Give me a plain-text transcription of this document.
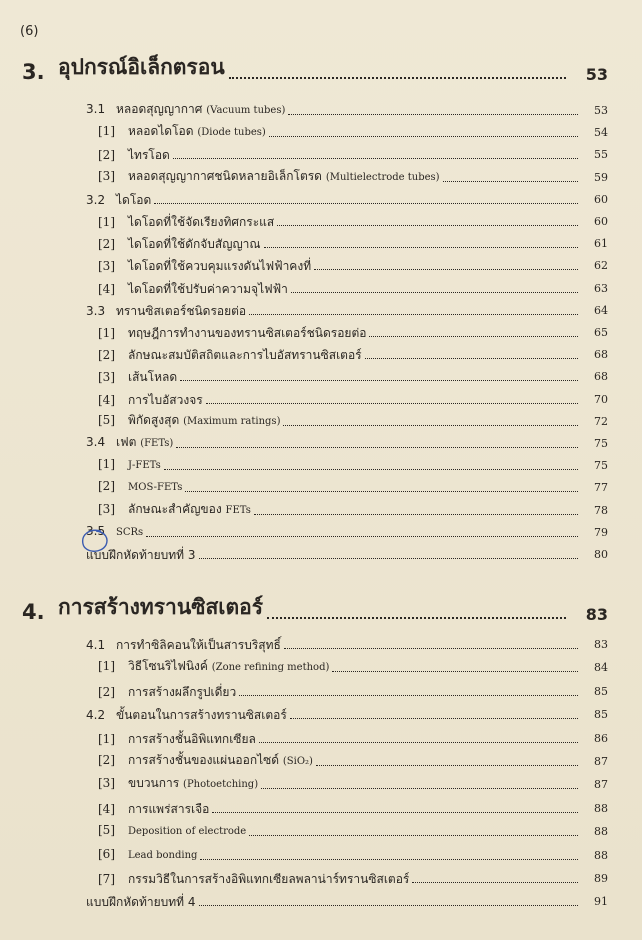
(6)
3. อุปกรณ์อิเล็กตรอน	53
3.1 หลอดสุญญากาศ (Vacuum tubes)	53
[1] หลอดไดโอด (Diode tubes)	54
[2] ไทรโอด	55
[3] หลอดสุญญากาศชนิดหลายอิเล็กโตรด (Multielectrode tubes)	59
3.2 ไดโอด	60
[1] ไดโอดที่ใช้จัดเรียงทิศกระแส	60
[2] ไดโอดที่ใช้ดักจับสัญญาณ	61
[3] ไดโอดที่ใช้ควบคุมแรงดันไฟฟ้าคงที่	62
[4] ไดโอดที่ใช้ปรับค่าความจุไฟฟ้า	63
3.3 ทรานซิสเตอร์ชนิดรอยต่อ	64
[1] ทฤษฎีการทำงานของทรานซิสเตอร์ชนิดรอยต่อ	65
[2] ลักษณะสมบัติสถิตและการไบอัสทรานซิสเตอร์	68
[3] เส้นโหลด	68
[4] การไบอัสวงจร	70
[5] พิกัดสูงสุด (Maximum ratings)	72
3.4 เฟต (FETs)	75
[1] J-FETs	75
[2] MOS-FETs	77
[3] ลักษณะสำคัญของ FETs	78
3.5 SCRs	79
แบบฝึกหัดท้ายบทที่ 3	80
4. การสร้างทรานซิสเตอร์	83
4.1 การทำซิลิคอนให้เป็นสารบริสุทธิ์	83
[1] วิธีโซนริไฟนิงค์ (Zone refining method)	84
[2] การสร้างผลึกรูปเดี่ยว	85
4.2 ขั้นตอนในการสร้างทรานซิสเตอร์	85
[1] การสร้างชั้นอิพิแทกเซียล	86
[2] การสร้างชั้นของแผ่นออกไซด์ (SiO₂)	87
[3] ขบวนการ (Photoetching)	87
[4] การแพร่สารเจือ	88
[5] Deposition of electrode	88
[6] Lead bonding	88
[7] กรรมวิธีในการสร้างอิพิแทกเซียลพลาน่าร์ทรานซิสเตอร์	89
แบบฝึกหัดท้ายบทที่ 4	91
